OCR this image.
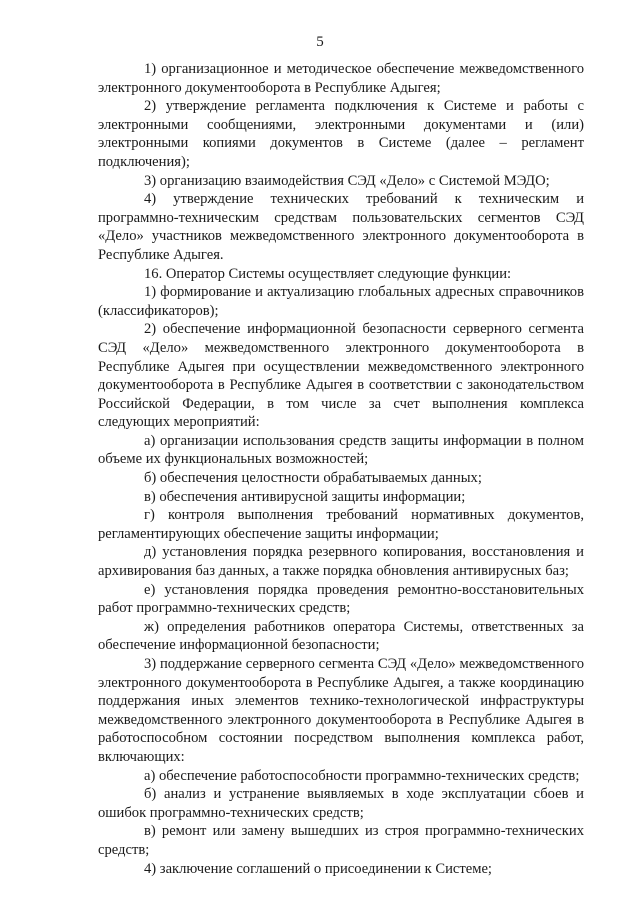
5

1) организационное и методическое обеспечение межведомственного электронного документооборота в Республике Адыгея;

2) утверждение регламента подключения к Системе и работы с электронными сообщениями, электронными документами и (или) электронными копиями документов в Системе (далее – регламент подключения);

3) организацию взаимодействия СЭД «Дело» с Системой МЭДО;

4) утверждение технических требований к техническим и программно-техническим средствам пользовательских сегментов СЭД «Дело» участников межведомственного электронного документооборота в Республике Адыгея.

16. Оператор Системы осуществляет следующие функции:

1) формирование и актуализацию глобальных адресных справочников (классификаторов);

2) обеспечение информационной безопасности серверного сегмента СЭД «Дело» межведомственного электронного документооборота в Республике Адыгея при осуществлении межведомственного электронного документооборота в Республике Адыгея в соответствии с законодательством Российской Федерации, в том числе за счет выполнения комплекса следующих мероприятий:

а) организации использования средств защиты информации в полном объеме их функциональных возможностей;

б) обеспечения целостности обрабатываемых данных;

в) обеспечения антивирусной защиты информации;

г) контроля выполнения требований нормативных документов, регламентирующих обеспечение защиты информации;

д) установления порядка резервного копирования, восстановления и архивирования баз данных, а также порядка обновления антивирусных баз;

е) установления порядка проведения ремонтно-восстановительных работ программно-технических средств;

ж) определения работников оператора Системы, ответственных за обеспечение информационной безопасности;

3) поддержание серверного сегмента СЭД «Дело» межведомственного электронного документооборота в Республике Адыгея, а также координацию поддержания иных элементов технико-технологической инфраструктуры межведомственного электронного документооборота в Республике Адыгея в работоспособном состоянии посредством выполнения комплекса работ, включающих:

а) обеспечение работоспособности программно-технических средств;

б) анализ и устранение выявляемых в ходе эксплуатации сбоев и ошибок программно-технических средств;

в) ремонт или замену вышедших из строя программно-технических средств;

4) заключение соглашений о присоединении к Системе;
